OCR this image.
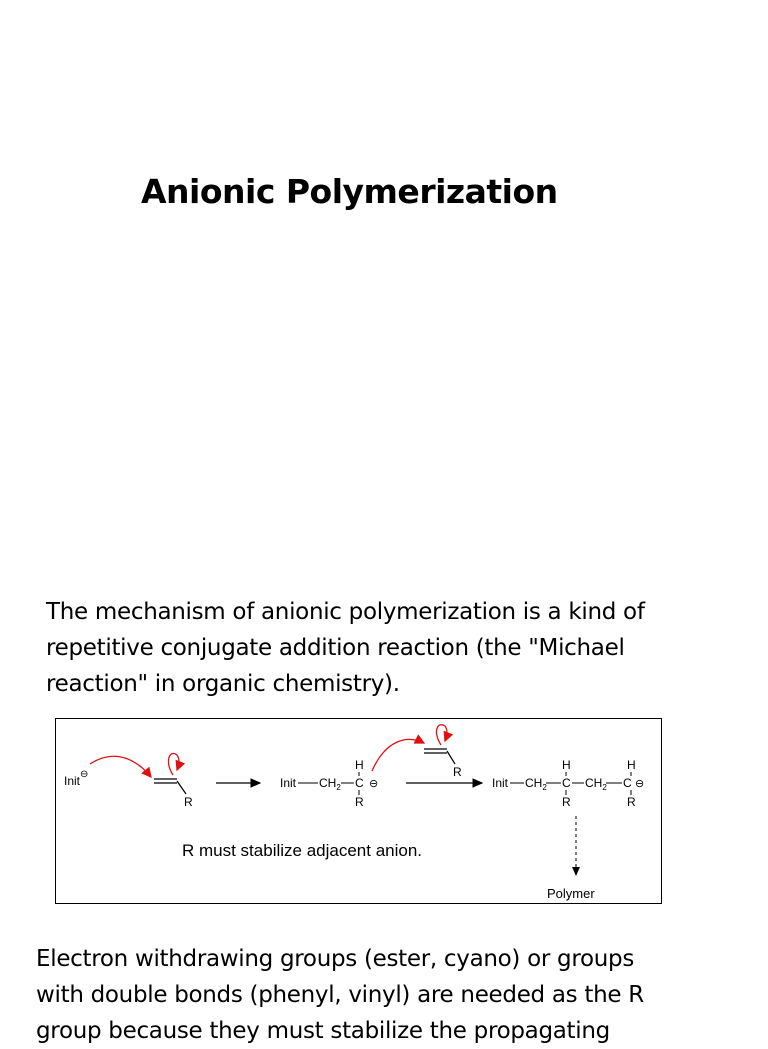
Anionic Polymerization

The mechanism of anionic polymerization is a kind of
repetitive conjugate addition reaction (the "Michael
reaction" in organic chemistry).

Init ⊖
R
Init $CH_2$
H
C
R
⊖
R
Init $CH_2$
H
C
R
$CH_2$
H
C
R
⊖
Polymer
R must stabilize adjacent anion.

Electron withdrawing groups (ester, cyano) or groups
with double bonds (phenyl, vinyl) are needed as the R
group because they must stabilize the propagating
